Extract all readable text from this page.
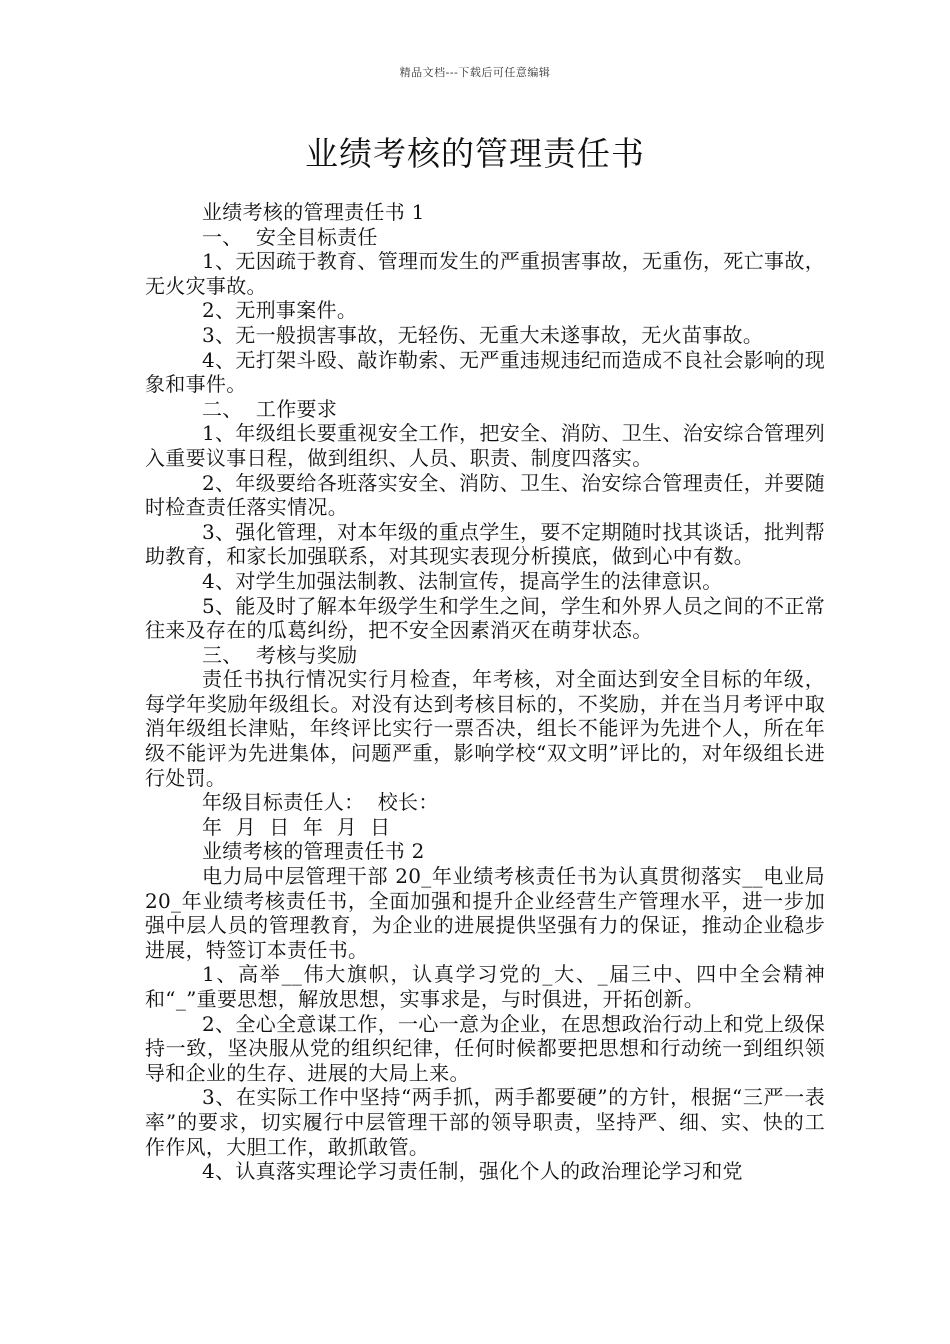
精品文档---下载后可任意编辑
业绩考核的管理责任书

业绩考核的管理责任书 1

一、  安全目标责任

1、无因疏于教育、管理而发生的严重损害事故，无重伤，死亡事故，无火灾事故。

2、无刑事案件。

3、无一般损害事故，无轻伤、无重大未遂事故，无火苗事故。

4、无打架斗殴、敲诈勒索、无严重违规违纪而造成不良社会影响的现象和事件。

二、  工作要求

1、年级组长要重视安全工作，把安全、消防、卫生、治安综合管理列入重要议事日程，做到组织、人员、职责、制度四落实。

2、年级要给各班落实安全、消防、卫生、治安综合管理责任，并要随时检查责任落实情况。

3、强化管理，对本年级的重点学生，要不定期随时找其谈话，批判帮助教育，和家长加强联系，对其现实表现分析摸底，做到心中有数。

4、对学生加强法制教、法制宣传，提高学生的法律意识。

5、能及时了解本年级学生和学生之间，学生和外界人员之间的不正常往来及存在的瓜葛纠纷，把不安全因素消灭在萌芽状态。

三、  考核与奖励

责任书执行情况实行月检查，年考核，对全面达到安全目标的年级，每学年奖励年级组长。对没有达到考核目标的，不奖励，并在当月考评中取消年级组长津贴，年终评比实行一票否决，组长不能评为先进个人，所在年级不能评为先进集体，问题严重，影响学校“双文明”评比的，对年级组长进行处罚。

年级目标责任人：  校长：

年  月  日  年  月  日

业绩考核的管理责任书 2

电力局中层管理干部 20_年业绩考核责任书为认真贯彻落实__电业局 20_年业绩考核责任书，全面加强和提升企业经营生产管理水平，进一步加强中层人员的管理教育，为企业的进展提供坚强有力的保证，推动企业稳步进展，特签订本责任书。

1、高举__伟大旗帜，认真学习党的_大、_届三中、四中全会精神和“_”重要思想，解放思想，实事求是，与时俱进，开拓创新。

2、全心全意谋工作，一心一意为企业，在思想政治行动上和党上级保持一致，坚决服从党的组织纪律，任何时候都要把思想和行动统一到组织领导和企业的生存、进展的大局上来。

3、在实际工作中坚持“两手抓，两手都要硬”的方针，根据“三严一表率”的要求，切实履行中层管理干部的领导职责，坚持严、细、实、快的工作作风，大胆工作，敢抓敢管。

4、认真落实理论学习责任制，强化个人的政治理论学习和党
